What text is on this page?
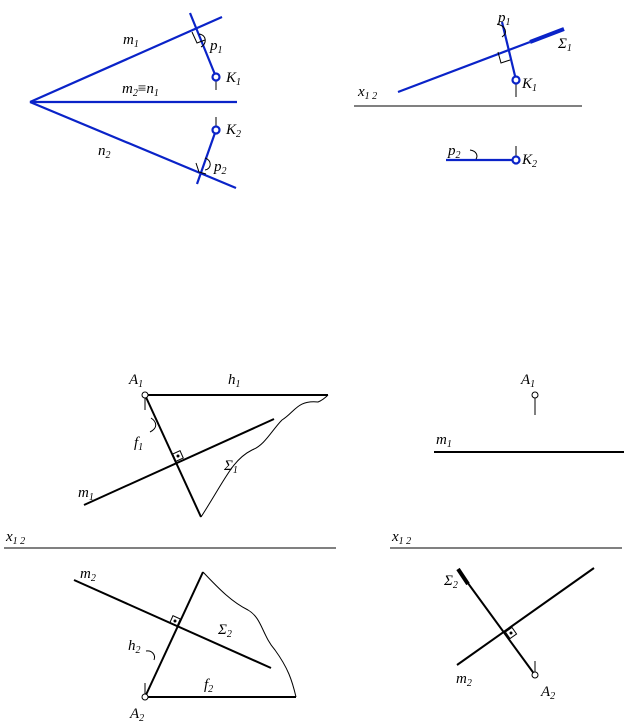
$m_1$	$p_1$
$K_1$
$m_2\equiv n_1$
$K_2$
$n_2$
$p_2$
$p_1$
$\Sigma_1$
$x_{1 2}$
$K_1$
$p_2$	$K_2$
$A_1$	$h_1$
$f_1$
$\Sigma_1$
$m_1$
$x_{1 2}$
$m_2$
$\Sigma_2$
$h_2$
$f_2$
$A_2$
$A_1$
$m_1$
$x_{1 2}$
$\Sigma_2$
$m_2$
$A_2$
